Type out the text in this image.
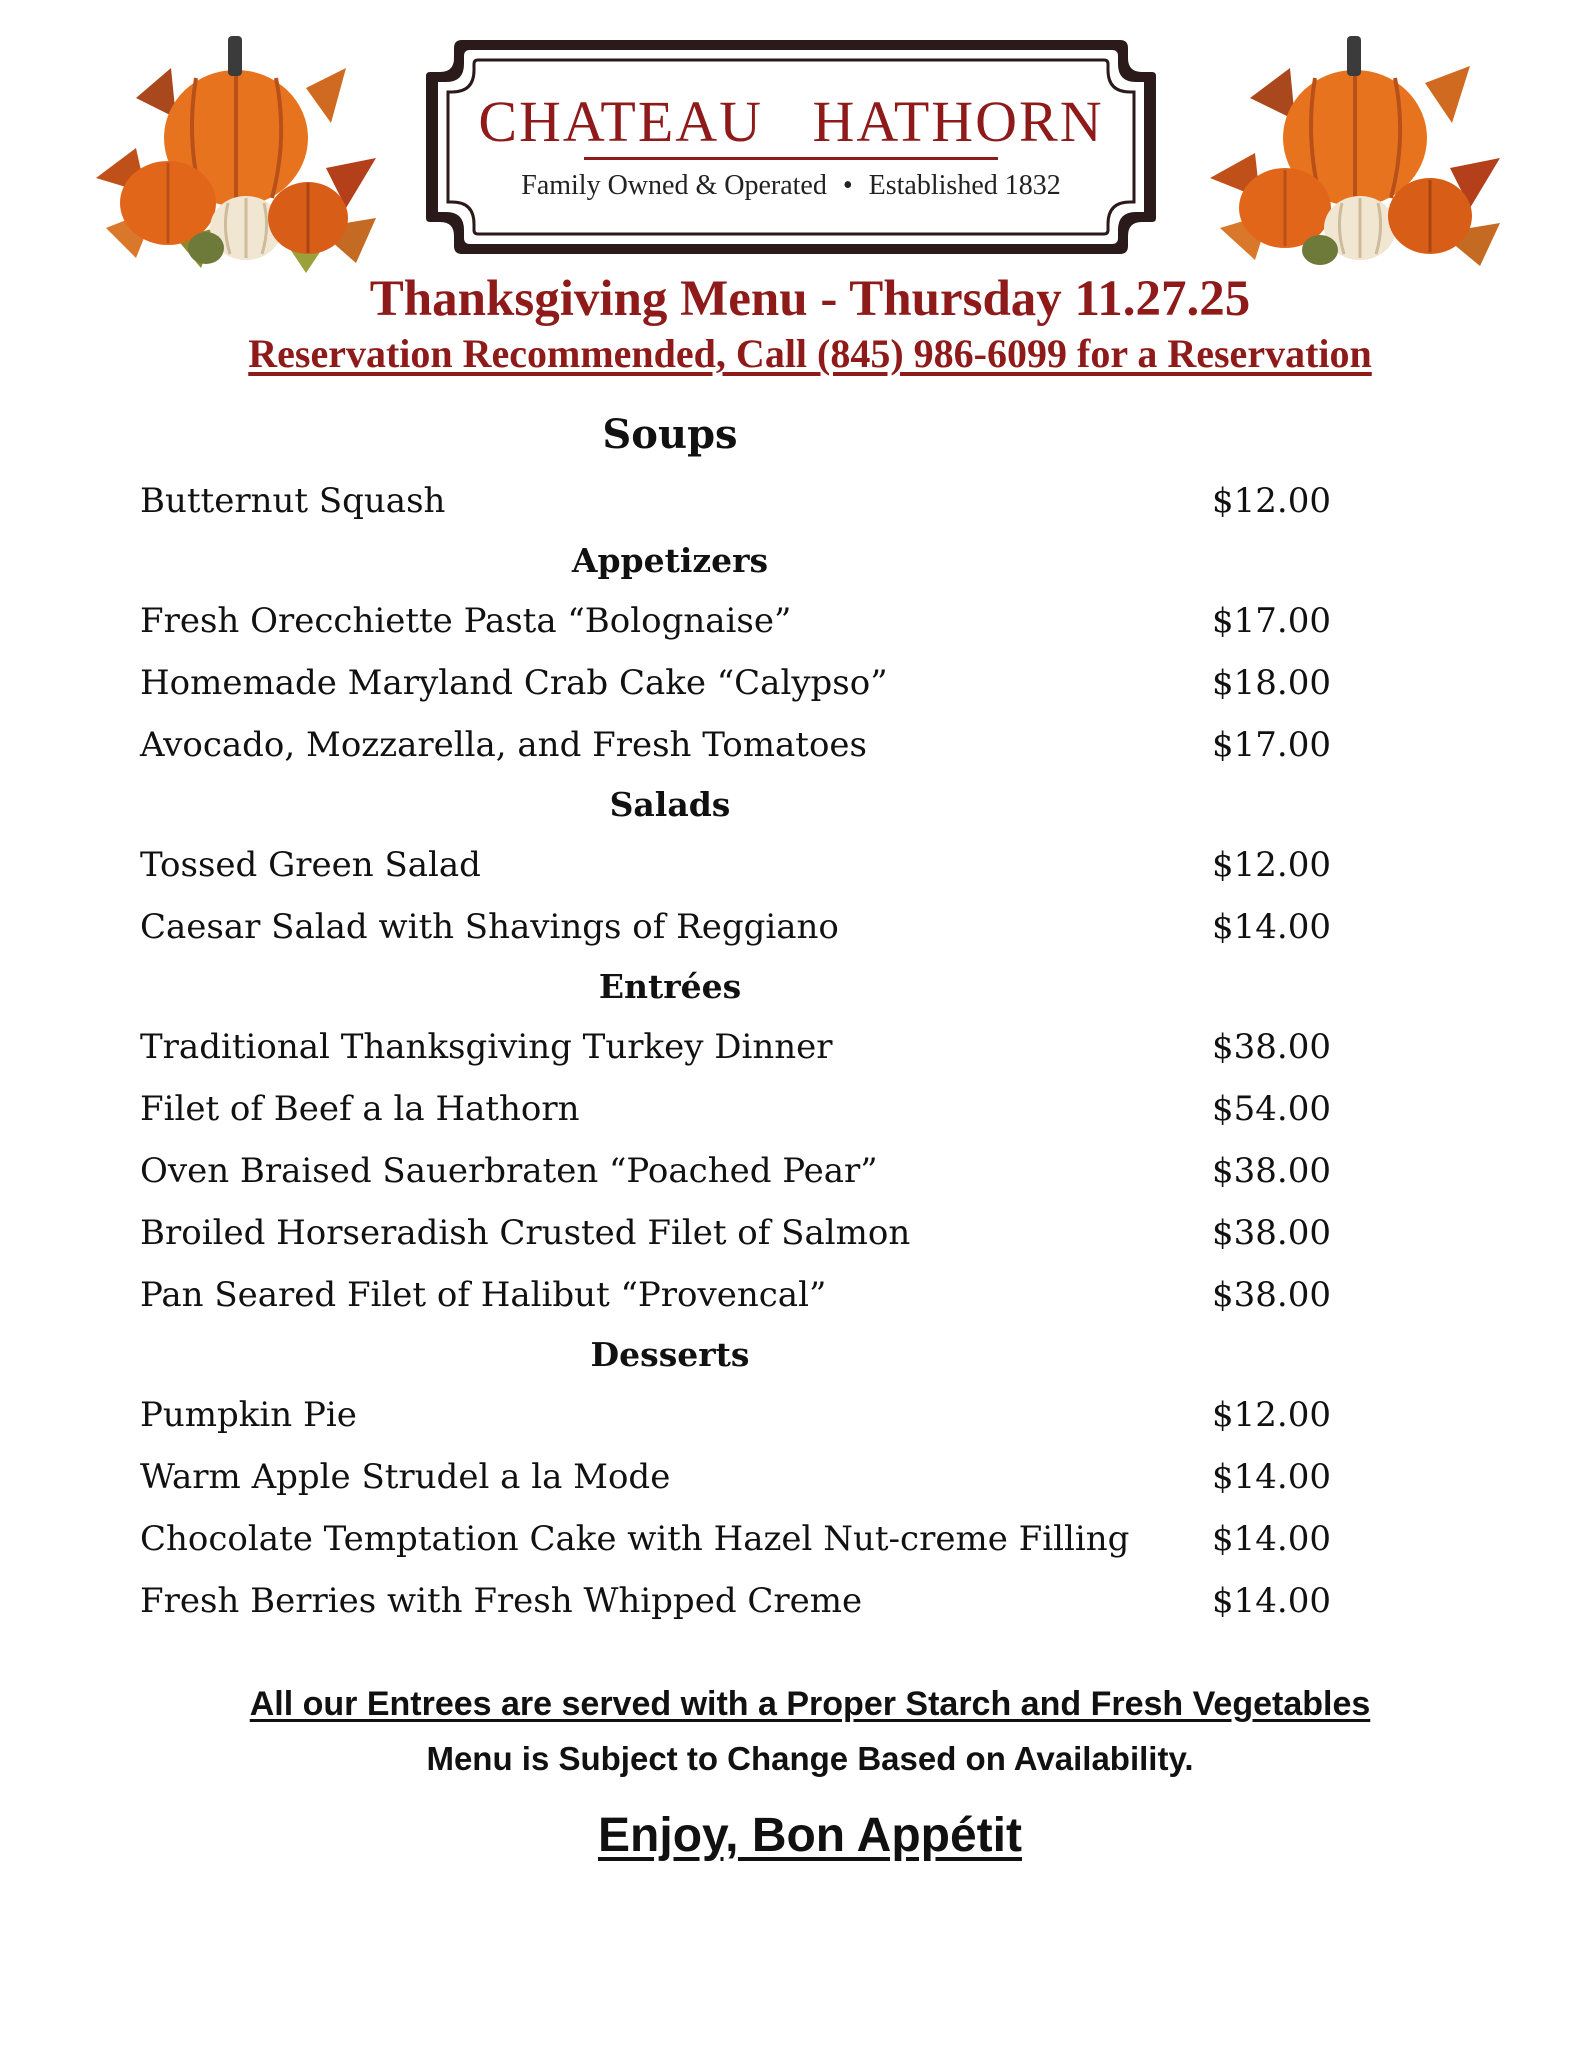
CHATEAU   HATHORN
Family Owned & Operated • Established 1832
Thanksgiving Menu - Thursday 11.27.25
Reservation Recommended, Call (845) 986-6099 for a Reservation
Soups
Butternut Squash	$12.00
Appetizers
Fresh Orecchiette Pasta “Bolognaise”	$17.00
Homemade Maryland Crab Cake “Calypso”	$18.00
Avocado, Mozzarella, and Fresh Tomatoes	$17.00
Salads
Tossed Green Salad	$12.00
Caesar Salad with Shavings of Reggiano	$14.00
Entrées
Traditional Thanksgiving Turkey Dinner	$38.00
Filet of Beef a la Hathorn	$54.00
Oven Braised Sauerbraten “Poached Pear”	$38.00
Broiled Horseradish Crusted Filet of Salmon	$38.00
Pan Seared Filet of Halibut “Provencal”	$38.00
Desserts
Pumpkin Pie	$12.00
Warm Apple Strudel a la Mode	$14.00
Chocolate Temptation Cake with Hazel Nut-creme Filling $14.00
Fresh Berries with Fresh Whipped Creme	$14.00
All our Entrees are served with a Proper Starch and Fresh Vegetables
Menu is Subject to Change Based on Availability.
Enjoy, Bon Appétit
